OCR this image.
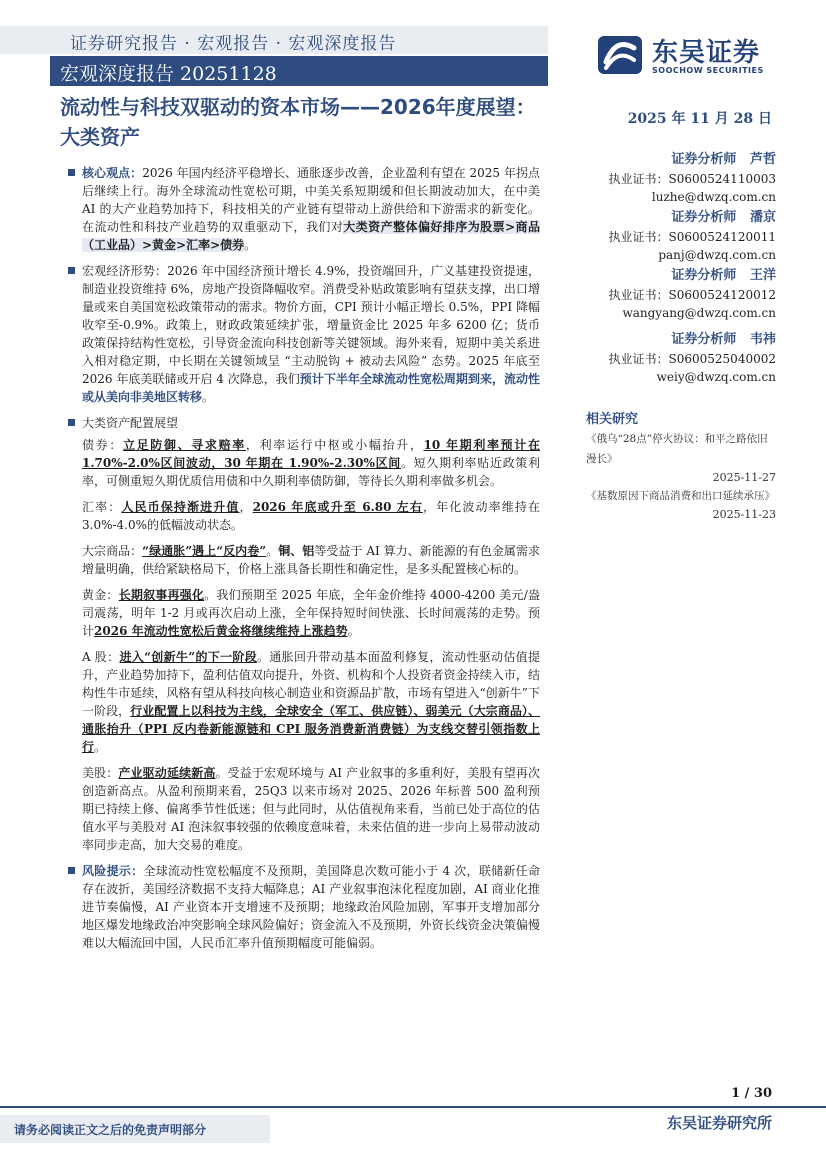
证券研究报告 · 宏观报告 · 宏观深度报告
宏观深度报告 20251128
东吴证券
SOOCHOW SECURITIES
流动性与科技双驱动的资本市场——2026年度展望：大类资产
2025 年 11 月 28 日
证券分析师 芦哲
执业证书：S0600524110003
luzhe@dwzq.com.cn
证券分析师 潘京
执业证书：S0600524120011
panj@dwzq.com.cn
证券分析师 王洋
执业证书：S0600524120012
wangyang@dwzq.com.cn
证券分析师 韦祎
执业证书：S0600525040002
weiy@dwzq.com.cn
相关研究
《俄乌“28点”停火协议：和平之路依旧漫长》
2025-11-27
《基数原因下商品消费和出口延续承压》
2025-11-23
核心观点：2026 年国内经济平稳增长、通胀逐步改善，企业盈利有望在 2025 年拐点后继续上行。海外全球流动性宽松可期，中美关系短期缓和但长期波动加大，在中美 AI 的大产业趋势加持下，科技相关的产业链有望带动上游供给和下游需求的新变化。在流动性和科技产业趋势的双重驱动下，我们对大类资产整体偏好排序为股票>商品（工业品）>黄金>汇率>债券。
宏观经济形势：2026 年中国经济预计增长 4.9%，投资端回升，广义基建投资提速，制造业投资维持 6%，房地产投资降幅收窄。消费受补贴政策影响有望获支撑，出口增量或来自美国宽松政策带动的需求。物价方面，CPI 预计小幅正增长 0.5%，PPI 降幅收窄至-0.9%。政策上，财政政策延续扩张，增量资金比 2025 年多 6200 亿；货币政策保持结构性宽松，引导资金流向科技创新等关键领域。海外来看，短期中美关系进入相对稳定期，中长期在关键领域呈 “主动脱钩 + 被动去风险” 态势。2025 年底至 2026 年底美联储或开启 4 次降息，我们预计下半年全球流动性宽松周期到来，流动性或从美向非美地区转移。
大类资产配置展望
债券：立足防御、寻求赔率，利率运行中枢或小幅抬升，10 年期利率预计在 1.70%-2.0%区间波动，30 年期在 1.90%-2.30%区间。短久期利率贴近政策利率，可侧重短久期优质信用债和中久期利率债防御，等待长久期利率做多机会。
汇率：人民币保持渐进升值，2026 年底或升至 6.80 左右，年化波动率维持在 3.0%-4.0%的低幅波动状态。
大宗商品：“绿通胀”遇上“反内卷”。铜、铝等受益于 AI 算力、新能源的有色金属需求增量明确，供给紧缺格局下，价格上涨具备长期性和确定性，是多头配置核心标的。
黄金：长期叙事再强化。我们预期至 2025 年底，全年金价维持 4000-4200 美元/盎司震荡，明年 1-2 月或再次启动上涨，全年保持短时间快涨、长时间震荡的走势。预计2026 年流动性宽松后黄金将继续维持上涨趋势。
A 股：进入“创新牛”的下一阶段。通胀回升带动基本面盈利修复，流动性驱动估值提升，产业趋势加持下，盈利估值双向提升，外资、机构和个人投资者资金持续入市，结构性牛市延续，风格有望从科技向核心制造业和资源品扩散，市场有望进入“创新牛”下一阶段，行业配置上以科技为主线，全球安全（军工、供应链）、弱美元（大宗商品）、通胀抬升（PPI 反内卷新能源链和 CPI 服务消费新消费链）为支线交替引领指数上行。
美股：产业驱动延续新高。受益于宏观环境与 AI 产业叙事的多重利好，美股有望再次创造新高点。从盈利预期来看，25Q3 以来市场对 2025、2026 年标普 500 盈利预期已持续上修、偏离季节性低迷；但与此同时，从估值视角来看，当前已处于高位的估值水平与美股对 AI 泡沫叙事较强的依赖度意味着，未来估值的进一步向上易带动波动率同步走高，加大交易的难度。
风险提示：全球流动性宽松幅度不及预期，美国降息次数可能小于 4 次，联储新任命存在波折，美国经济数据不支持大幅降息；AI 产业叙事泡沫化程度加剧，AI 商业化推进节奏偏慢，AI 产业资本开支增速不及预期；地缘政治风险加剧，军事开支增加部分地区爆发地缘政治冲突影响全球风险偏好；资金流入不及预期，外资长线资金决策偏慢难以大幅流回中国，人民币汇率升值预期幅度可能偏弱。
1 / 30
请务必阅读正文之后的免责声明部分	东吴证券研究所
